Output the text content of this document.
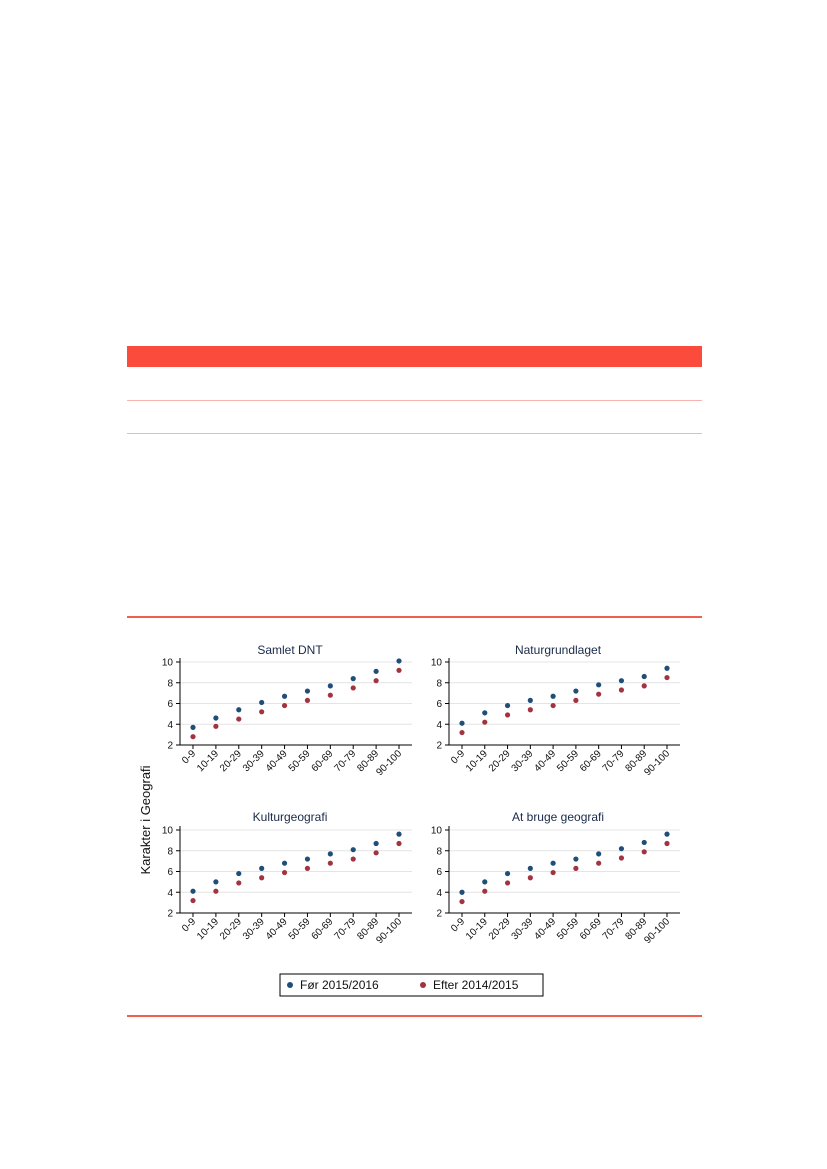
Karakter i Geografi
Samlet DNT
2
4
6
8
10
0-9
10-19
20-29
30-39
40-49
50-59
60-69
70-79
80-89
90-100
Naturgrundlaget
2
4
6
8
10
0-9
10-19
20-29
30-39
40-49
50-59
60-69
70-79
80-89
90-100
Kulturgeografi
2
4
6
8
10
0-9
10-19
20-29
30-39
40-49
50-59
60-69
70-79
80-89
90-100
At bruge geografi
2
4
6
8
10
0-9
10-19
20-29
30-39
40-49
50-59
60-69
70-79
80-89
90-100
Før 2015/2016	Efter 2014/2015
